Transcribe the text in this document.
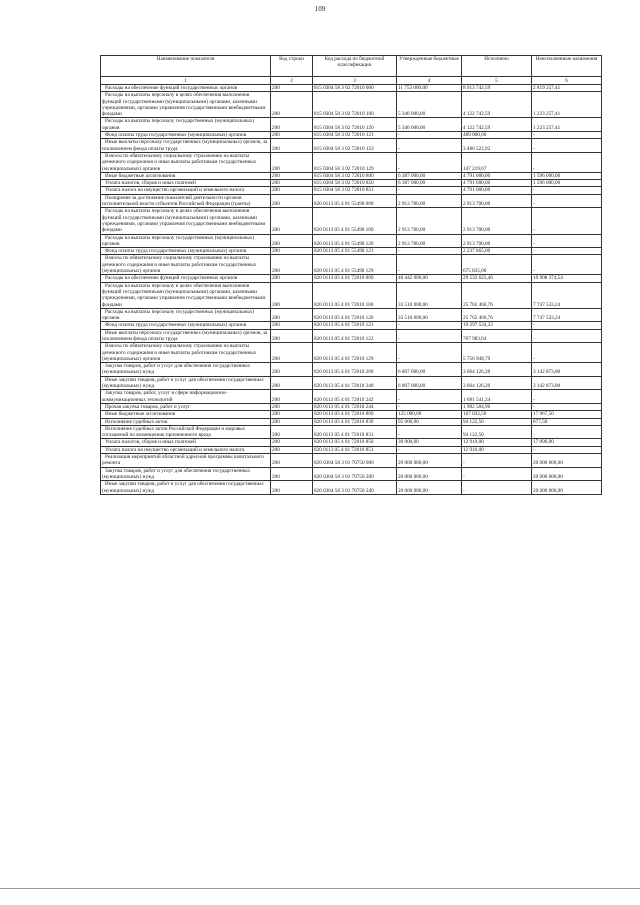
109
Наименование показателя	Код строки	Код расхода по бюджетной классификации	Утвержденные бюджетные	Исполнено	Неисполненные назначения
1	2	3	4	5	6
Расходы на обеспечение функций государственных органов	200	815 0304 58 3 02 72010 000	11 753 000,00	8 913 742,59	2 819 257,41
Расходы на выплаты персоналу в целях обеспечения выполнения функций государственными (муниципальными) органами, казенными учреждениями, органами управления государственными внебюджетными фондами	200	815 0304 58 3 02 72010 100	5 346 000,00	4 122 742,59	1 223 257,41
Расходы на выплаты персоналу государственных (муниципальных) органов	200	815 0304 58 3 02 72010 120	5 346 000,00	4 122 742,59	1 223 257,41
Фонд оплаты труда государственных (муниципальных) органов	200	815 0304 58 3 02 72010 121	-	489 000,00	-
Иные выплаты персоналу государственных (муниципальных) органов, за исключением фонда оплаты труда	200	815 0304 58 3 02 72010 122	-	3 486 522,92	-
Взносы по обязательному социальному страхованию на выплаты денежного содержания и иные выплаты работникам государственных (муниципальных) органов	200	815 0304 58 3 02 72010 129	-	147 219,67	-
Иные бюджетные ассигнования	200	815 0304 58 3 02 72010 800	6 387 000,00	4 791 000,00	1 596 000,00
Уплата налогов, сборов и иных платежей	200	815 0304 58 3 02 72010 850	6 387 000,00	4 791 000,00	1 596 000,00
Уплата налога на имущество организаций и земельного налога	200	815 0304 58 3 02 72010 851	-	4 791 000,00	-
Поощрение за достижение показателей деятельности органов исполнительной власти субъектов Российской Федерации (гранты)	200	820 0113 05 4 01 55490 000	2 913 700,00	2 913 700,00	-
Расходы на выплаты персоналу в целях обеспечения выполнения функций государственными (муниципальными) органами, казенными учреждениями, органами управления государственными внебюджетными фондами	200	820 0113 05 4 01 55490 100	2 913 700,00	2 913 700,00	-
Расходы на выплаты персоналу государственных (муниципальных) органов	200	820 0113 05 4 01 55490 120	2 913 700,00	2 913 700,00	-
Фонд оплаты труда государственных (муниципальных) органов	200	820 0113 05 4 01 55490 121	-	2 237 865,00	-
Взносы по обязательному социальному страхованию на выплаты денежного содержания и иные выплаты работникам государственных (муниципальных) органов	200	820 0113 05 4 01 55490 129	-	675 835,00	-
Расходы на обеспечение функций государственных органов	200	820 0113 05 4 01 72010 000	40 442 000,00	29 533 625,46	10 908 374,54
Расходы на выплаты персоналу в целях обеспечения выполнения функций государственными (муниципальными) органами, казенными учреждениями, органами управления государственными внебюджетными фондами	200	820 0113 05 4 01 72010 100	33 510 000,00	25 762 466,76	7 747 533,24
Расходы на выплаты персоналу государственных (муниципальных) органов	200	820 0113 05 4 01 72010 120	33 510 000,00	25 762 466,76	7 747 533,24
Фонд оплаты труда государственных (муниципальных) органов	200	820 0113 05 4 01 72010 121	-	19 297 534,33	-
Иные выплаты персоналу государственных (муниципальных) органов, за исключением фонда оплаты труда	200	820 0113 05 4 01 72010 122	-	707 983,64	-
Взносы по обязательному социальному страхованию на выплаты денежного содержания и иные выплаты работникам государственных (муниципальных) органов	200	820 0113 05 4 01 72010 129	-	5 756 948,79	-
Закупка товаров, работ и услуг для обеспечения государственных (муниципальных) нужд	200	820 0113 05 4 01 72010 200	6 807 000,00	3 664 126,20	3 142 873,80
Иные закупки товаров, работ и услуг для обеспечения государственных (муниципальных) нужд	200	820 0113 05 4 01 72010 240	6 807 000,00	3 664 126,20	3 142 873,80
Закупка товаров, работ, услуг в сфере информационно-коммуникационных технологий	200	820 0113 05 4 01 72010 242	-	1 681 541,24	-
Прочая закупка товаров, работ и услуг	200	820 0113 05 4 01 72010 244	-	1 982 584,96	-
Иные бюджетные ассигнования	200	820 0113 05 4 01 72010 800	125 000,00	107 032,50	17 967,50
Исполнение судебных актов	200	820 0113 05 4 01 72010 830	95 000,00	94 122,50	877,50
Исполнение судебных актов Российской Федерации и мировых соглашений по возмещению причиненного вреда	200	820 0113 05 4 01 72010 831	-	94 122,50	-
Уплата налогов, сборов и иных платежей	200	820 0113 05 4 01 72010 850	30 000,00	12 910,00	17 090,00
Уплата налога на имущество организаций и земельного налога	200	820 0113 05 4 01 72010 851	-	12 910,00	-
Реализация мероприятий областной адресной программы капитального ремонта	200	820 0304 58 3 01 70750 000	20 000 000,00	-	20 000 000,00
Закупка товаров, работ и услуг для обеспечения государственных (муниципальных) нужд	200	820 0304 58 3 01 70750 200	20 000 000,00	-	20 000 000,00
Иные закупки товаров, работ и услуг для обеспечения государственных (муниципальных) нужд	200	820 0304 58 3 01 70750 240	20 000 000,00	-	20 000 000,00
